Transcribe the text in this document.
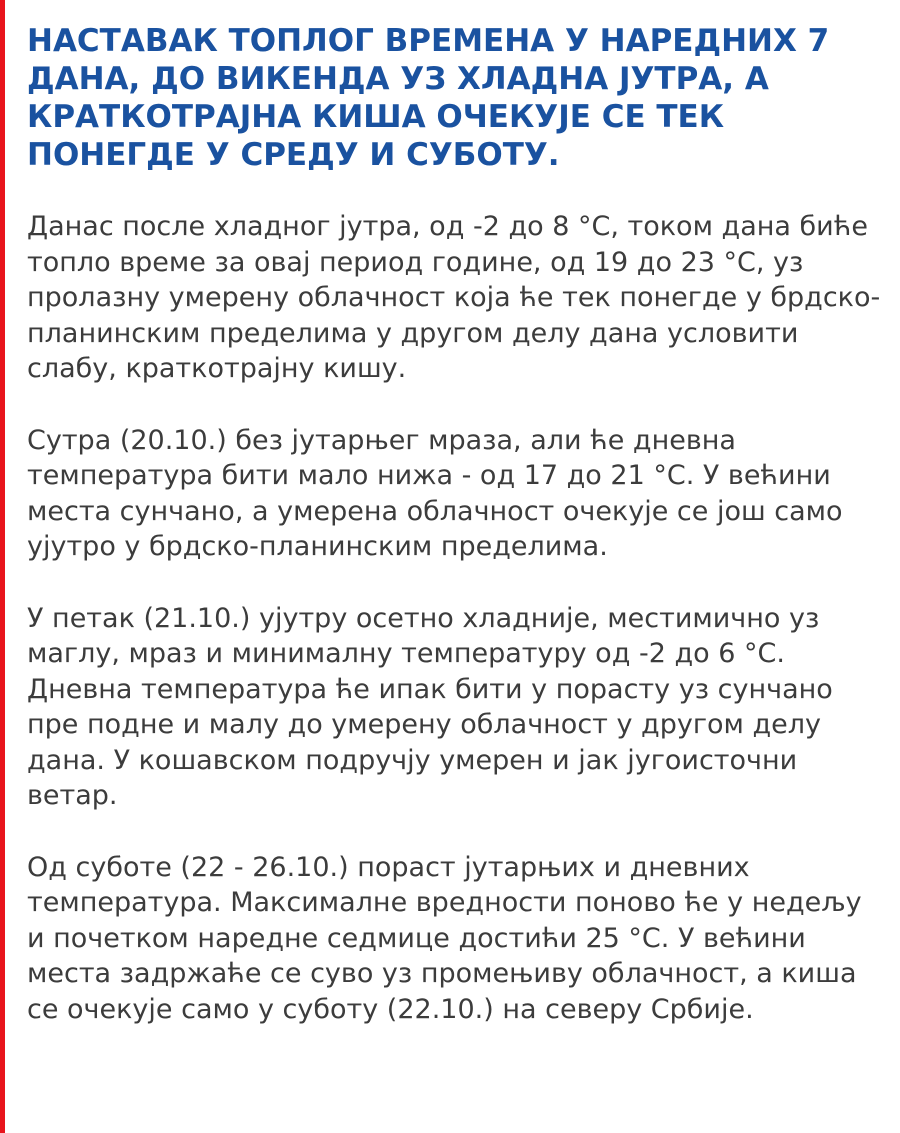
НАСТАВАК ТОПЛОГ ВРЕМЕНА У НАРЕДНИХ 7 ДАНА, ДО ВИКЕНДА УЗ ХЛАДНА ЈУТРА, А КРАТКОТРАЈНА КИША ОЧЕКУЈЕ СЕ ТЕК ПОНЕГДЕ У СРЕДУ И СУБОТУ.

Данас после хладног јутра, од -2 до 8 °C, током дана биће топло време за овај период године, од 19 до 23 °C, уз пролазну умерену облачност која ће тек понегде у брдско-планинским пределима у другом делу дана условити слабу, краткотрајну кишу.

Сутра (20.10.) без јутарњег мраза, али ће дневна температура бити мало нижа - од 17 до 21 °C. У већини места сунчано, а умерена облачност очекује се још само ујутро у брдско-планинским пределима.

У петак (21.10.) ујутру осетно хладније, местимично уз маглу, мраз и минималну температуру од -2 до 6 °C. Дневна температура ће ипак бити у порасту уз сунчано пре подне и малу до умерену облачност у другом делу дана. У кошавском подручју умерен и јак југоисточни ветар.

Од суботе (22 - 26.10.) пораст јутарњих и дневних температура. Максималне вредности поново ће у недељу и почетком наредне седмице достићи 25 °C. У већини места задржаће се суво уз промењиву облачност, а киша се очекује само у суботу (22.10.) на северу Србије.
